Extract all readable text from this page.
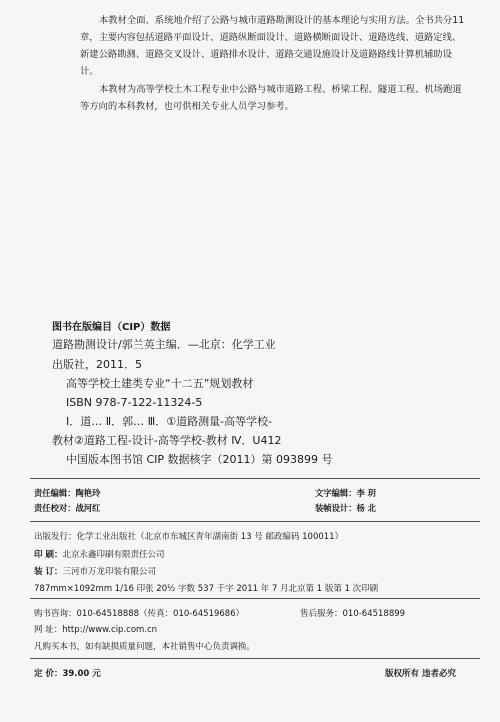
本教材全面、系统地介绍了公路与城市道路勘测设计的基本理论与实用方法。全书共分11章，主要内容包括道路平面设计、道路纵断面设计、道路横断面设计、道路选线、道路定线、新建公路勘测、道路交叉设计、道路排水设计、道路交通设施设计及道路路线计算机辅助设计。

本教材为高等学校土木工程专业中公路与城市道路工程、桥梁工程、隧道工程、机场跑道等方向的本科教材，也可供相关专业人员学习参考。

图书在版编目（CIP）数据
道路勘测设计/郭兰英主编．—北京：化学工业
出版社，2011．5
高等学校土建类专业“十二五”规划教材
ISBN 978-7-122-11324-5
Ⅰ．道… Ⅱ．郭… Ⅲ．①道路测量-高等学校-
教材②道路工程-设计-高等学校-教材 Ⅳ．U412
中国版本图书馆 CIP 数据核字（2011）第 093899 号
责任编辑：陶艳玲	文字编辑：李 玥
责任校对：战河红	装帧设计：杨 北
出版发行：化学工业出版社（北京市东城区青年湖南街 13 号 邮政编码 100011）
印 刷：北京永鑫印刷有限责任公司
装 订：三河市万龙印装有限公司
787mm×1092mm 1/16 印张 20½ 字数 537 千字 2011 年 7 月北京第 1 版第 1 次印刷
购书咨询：010-64518888（传真：010-64519686）	售后服务：010-64518899
网 址：http://www.cip.com.cn
凡购买本书，如有缺损质量问题，本社销售中心负责调换。
定 价：39.00 元	版权所有 违者必究
